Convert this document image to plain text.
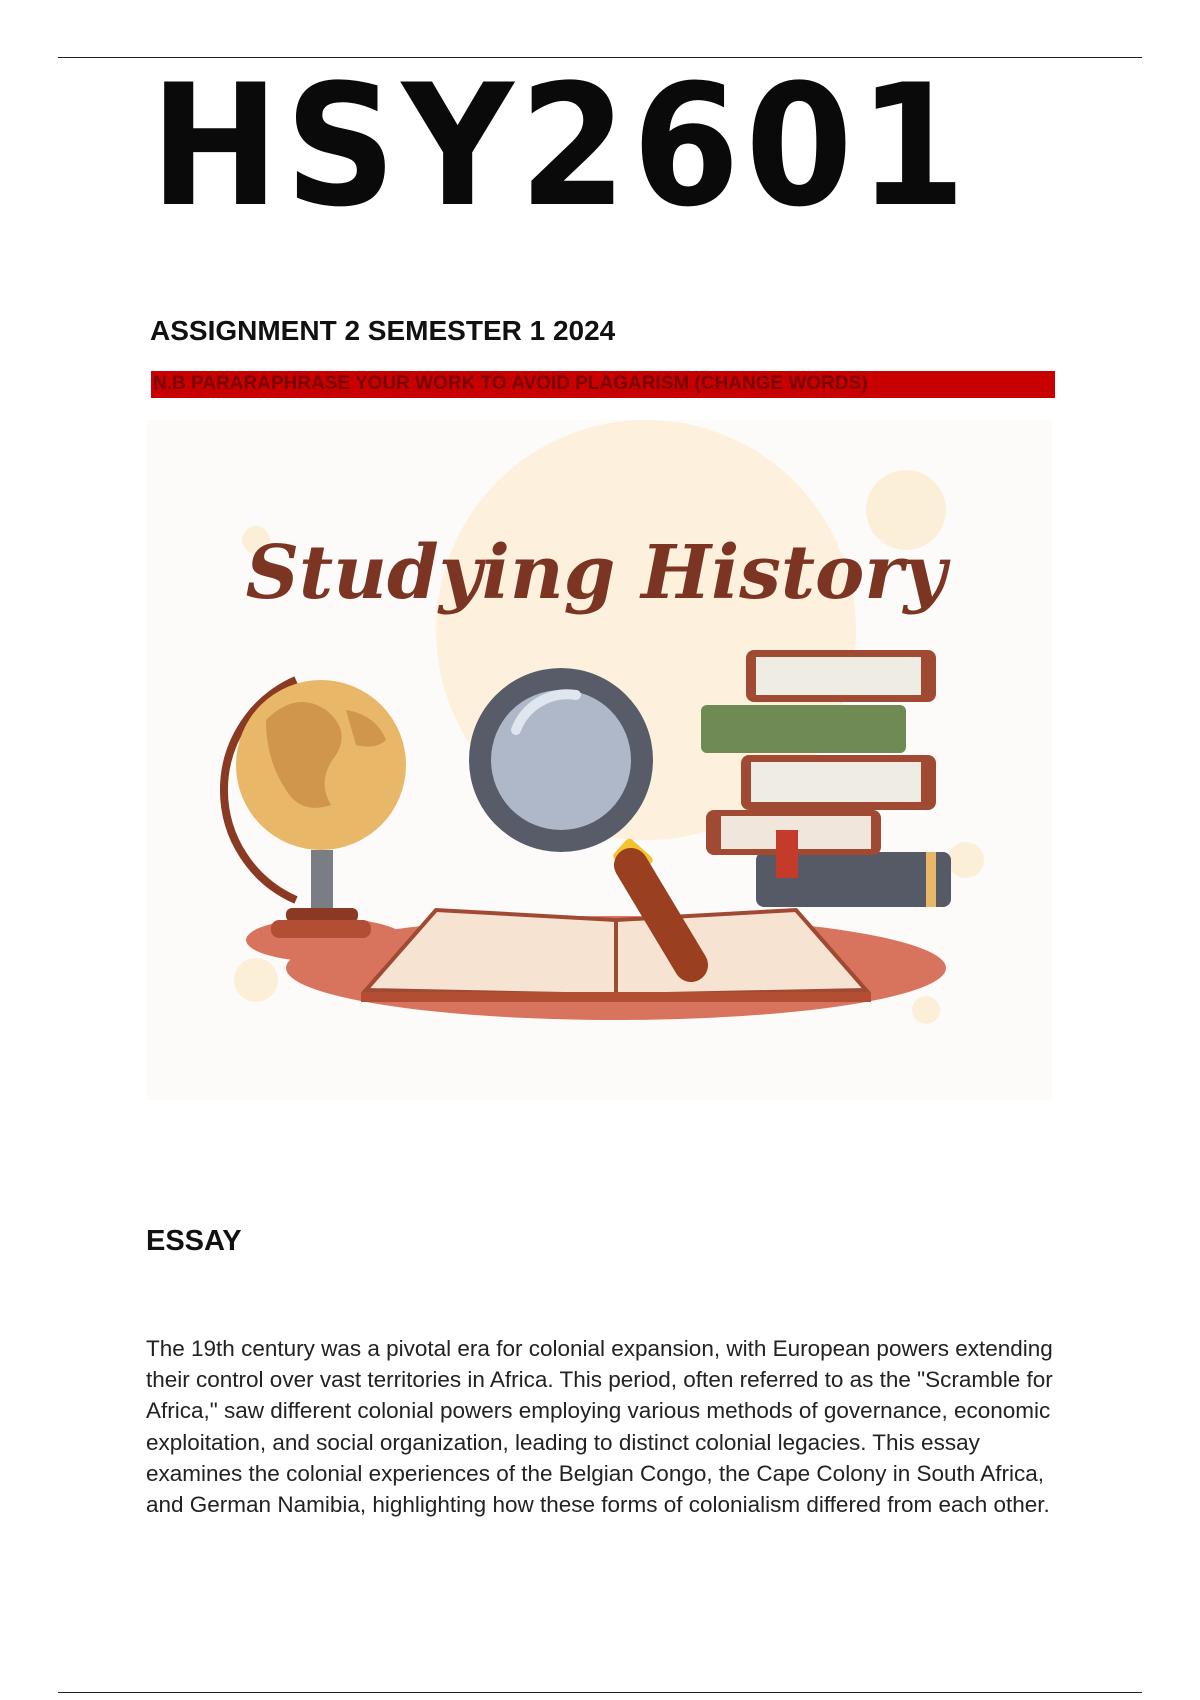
HSY2601
ASSIGNMENT 2 SEMESTER 1 2024
N.B PARARAPHRASE YOUR WORK TO AVOID PLAGARISM (CHANGE WORDS)
Studying History
ESSAY

The 19th century was a pivotal era for colonial expansion, with European powers extending their control over vast territories in Africa. This period, often referred to as the "Scramble for Africa," saw different colonial powers employing various methods of governance, economic exploitation, and social organization, leading to distinct colonial legacies. This essay examines the colonial experiences of the Belgian Congo, the Cape Colony in South Africa, and German Namibia, highlighting how these forms of colonialism differed from each other.
